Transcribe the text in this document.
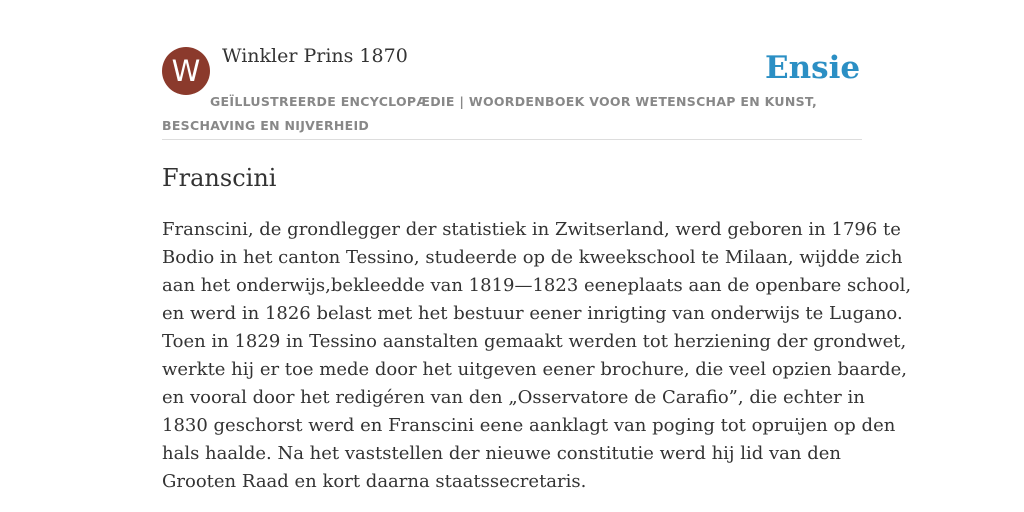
W	Winkler Prins 1870	Ensie
GEÏLLUSTREERDE ENCYCLOPÆDIE | WOORDENBOEK VOOR WETENSCHAP EN KUNST, BESCHAVING EN NIJVERHEID
Franscini

Franscini, de grondlegger der statistiek in Zwitserland, werd geboren in 1796 te
Bodio in het canton Tessino, studeerde op de kweekschool te Milaan, wijdde zich
aan het onderwijs,bekleedde van 1819—1823 eeneplaats aan de openbare school,
en werd in 1826 belast met het bestuur eener inrigting van onderwijs te Lugano.
Toen in 1829 in Tessino aanstalten gemaakt werden tot herziening der grondwet,
werkte hij er toe mede door het uitgeven eener brochure, die veel opzien baarde,
en vooral door het redigéren van den „Osservatore de Carafio”, die echter in
1830 geschorst werd en Franscini eene aanklagt van poging tot opruijen op den
hals haalde. Na het vaststellen der nieuwe constitutie werd hij lid van den
Grooten Raad en kort daarna staatssecretaris.
